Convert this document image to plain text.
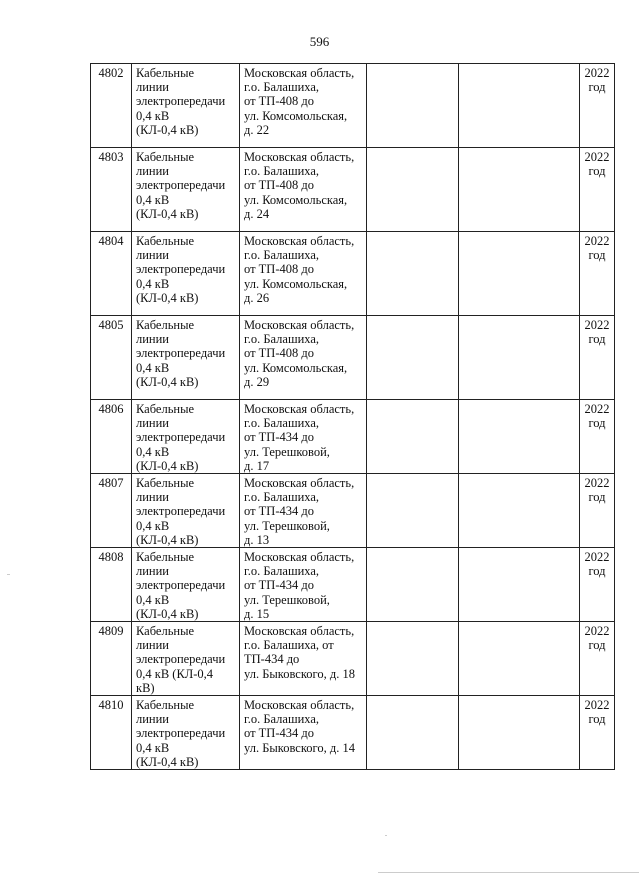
596
4802	Кабельные
линии
электропередачи
0,4 кВ
(КЛ-0,4 кВ)	Московская область,
г.о. Балашиха,
от ТП-408 до
ул. Комсомольская,
д. 22			2022
год

4803	Кабельные
линии
электропередачи
0,4 кВ
(КЛ-0,4 кВ)	Московская область,
г.о. Балашиха,
от ТП-408 до
ул. Комсомольская,
д. 24			2022
год

4804	Кабельные
линии
электропередачи
0,4 кВ
(КЛ-0,4 кВ)	Московская область,
г.о. Балашиха,
от ТП-408 до
ул. Комсомольская,
д. 26			2022
год

4805	Кабельные
линии
электропередачи
0,4 кВ
(КЛ-0,4 кВ)	Московская область,
г.о. Балашиха,
от ТП-408 до
ул. Комсомольская,
д. 29			2022
год

4806	Кабельные
линии
электропередачи
0,4 кВ
(КЛ-0,4 кВ)	Московская область,
г.о. Балашиха,
от ТП-434 до
ул. Терешковой,
д. 17			2022
год

4807	Кабельные
линии
электропередачи
0,4 кВ
(КЛ-0,4 кВ)	Московская область,
г.о. Балашиха,
от ТП-434 до
ул. Терешковой,
д. 13			2022
год

4808	Кабельные
линии
электропередачи
0,4 кВ
(КЛ-0,4 кВ)	Московская область,
г.о. Балашиха,
от ТП-434 до
ул. Терешковой,
д. 15			2022
год

4809	Кабельные
линии
электропередачи
0,4 кВ (КЛ-0,4
кВ)	Московская область,
г.о. Балашиха, от
ТП-434 до
ул. Быковского, д. 18			2022
год

4810	Кабельные
линии
электропередачи
0,4 кВ
(КЛ-0,4 кВ)	Московская область,
г.о. Балашиха,
от ТП-434 до
ул. Быковского, д. 14			2022
год
